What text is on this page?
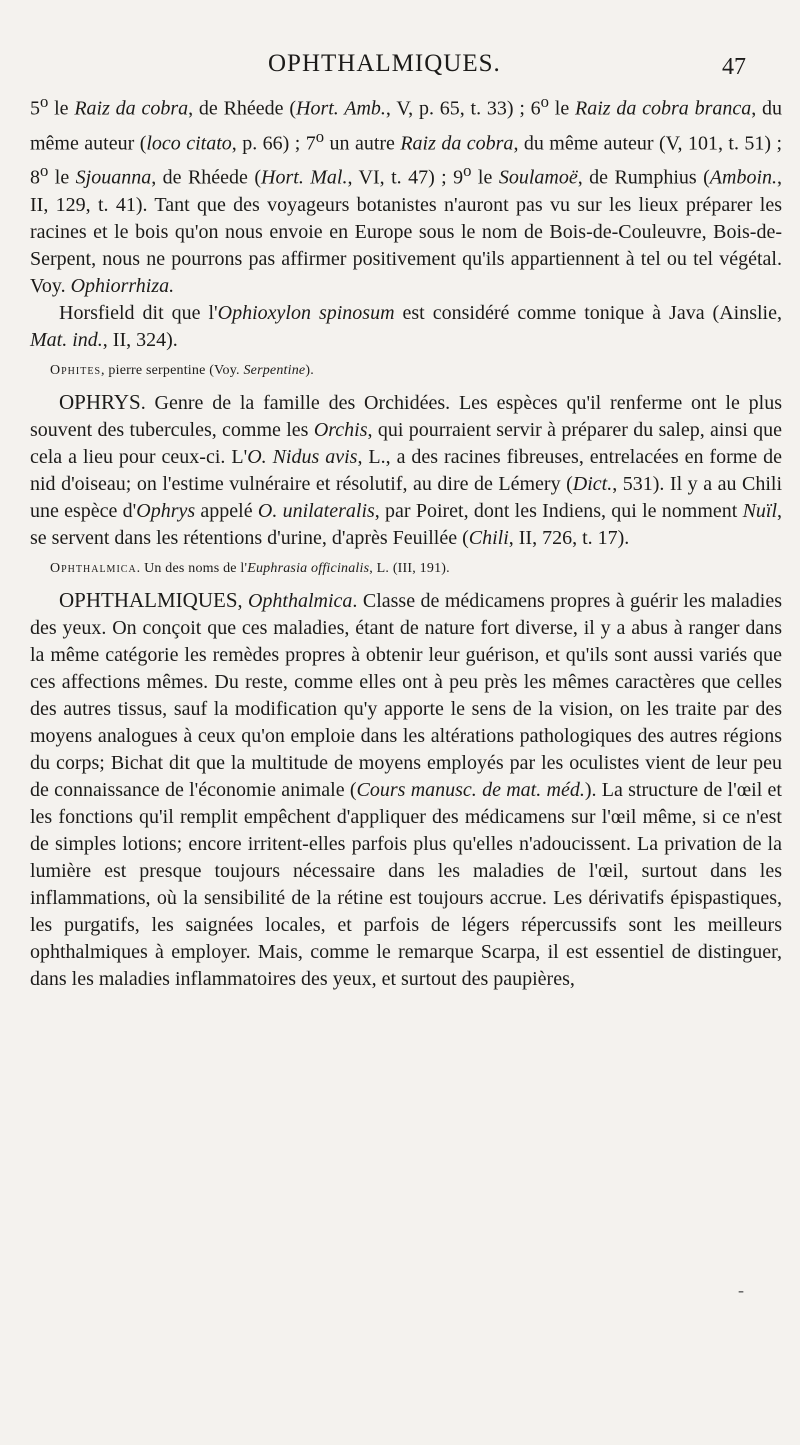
OPHTHALMIQUES.	47

5$^o$ le Raiz da cobra, de Rhéede (Hort. Amb., V, p. 65, t. 33) ; 6$^o$ le Raiz da cobra branca, du même auteur (loco citato, p. 66) ; 7$^o$ un autre Raiz da cobra, du même auteur (V, 101, t. 51) ; 8$^o$ le Sjouanna, de Rhéede (Hort. Mal., VI, t. 47) ; 9$^o$ le Soulamoë, de Rumphius (Amboin., II, 129, t. 41). Tant que des voyageurs botanistes n'auront pas vu sur les lieux préparer les racines et le bois qu'on nous envoie en Europe sous le nom de Bois-de-Couleuvre, Bois-de-Serpent, nous ne pourrons pas affirmer positivement qu'ils appartiennent à tel ou tel végétal. Voy. Ophiorrhiza.

Horsfield dit que l'Ophioxylon spinosum est considéré comme tonique à Java (Ainslie, Mat. ind., II, 324).

Ophites, pierre serpentine (Voy. Serpentine).

OPHRYS. Genre de la famille des Orchidées. Les espèces qu'il renferme ont le plus souvent des tubercules, comme les Orchis, qui pourraient servir à préparer du salep, ainsi que cela a lieu pour ceux-ci. L'O. Nidus avis, L., a des racines fibreuses, entrelacées en forme de nid d'oiseau; on l'estime vulnéraire et résolutif, au dire de Lémery (Dict., 531). Il y a au Chili une espèce d'Ophrys appelé O. unilateralis, par Poiret, dont les Indiens, qui le nomment Nuïl, se servent dans les rétentions d'urine, d'après Feuillée (Chili, II, 726, t. 17).

Ophthalmica. Un des noms de l'Euphrasia officinalis, L. (III, 191).

OPHTHALMIQUES, Ophthalmica. Classe de médicamens propres à guérir les maladies des yeux. On conçoit que ces maladies, étant de nature fort diverse, il y a abus à ranger dans la même catégorie les remèdes propres à obtenir leur guérison, et qu'ils sont aussi variés que ces affections mêmes. Du reste, comme elles ont à peu près les mêmes caractères que celles des autres tissus, sauf la modification qu'y apporte le sens de la vision, on les traite par des moyens analogues à ceux qu'on emploie dans les altérations pathologiques des autres régions du corps; Bichat dit que la multitude de moyens employés par les oculistes vient de leur peu de connaissance de l'économie animale (Cours manusc. de mat. méd.). La structure de l'œil et les fonctions qu'il remplit empêchent d'appliquer des médicamens sur l'œil même, si ce n'est de simples lotions; encore irritent-elles parfois plus qu'elles n'adoucissent. La privation de la lumière est presque toujours nécessaire dans les maladies de l'œil, surtout dans les inflammations, où la sensibilité de la rétine est toujours accrue. Les dérivatifs épispastiques, les purgatifs, les saignées locales, et parfois de légers répercussifs sont les meilleurs ophthalmiques à employer. Mais, comme le remarque Scarpa, il est essentiel de distinguer, dans les maladies inflammatoires des yeux, et surtout des paupières,

-
